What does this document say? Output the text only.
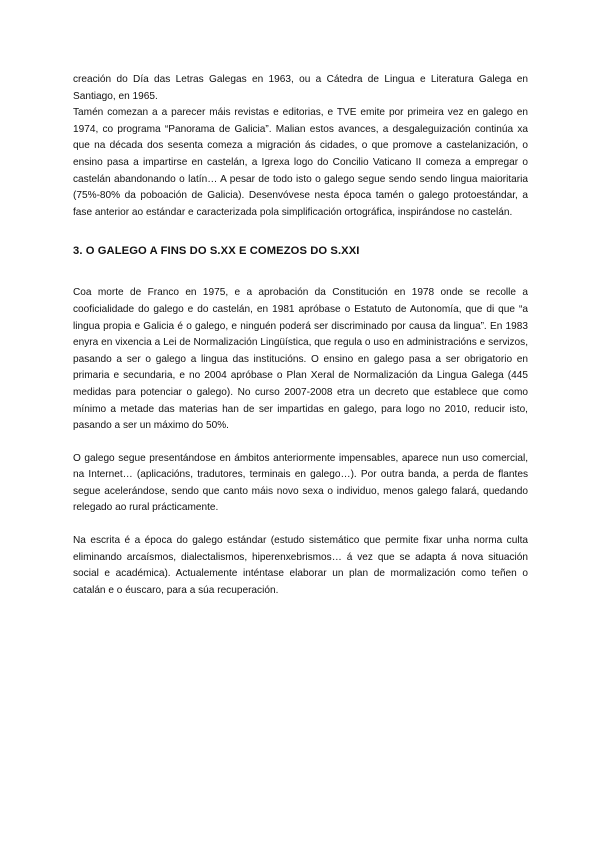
creación do Día das Letras Galegas en 1963, ou a Cátedra de Lingua e Literatura Galega en Santiago, en 1965.

Tamén comezan a a parecer máis revistas e editorias, e TVE emite por primeira vez en galego en 1974, co programa “Panorama de Galicia”. Malian estos avances, a desgaleguización continúa xa que na década dos sesenta comeza a migración ás cidades, o que promove a castelanización, o ensino pasa a impartirse en castelán, a Igrexa logo do Concilio Vaticano II comeza a empregar o castelán abandonando o latín… A pesar de todo isto o galego segue sendo sendo lingua maioritaria (75%-80% da poboación de Galicia). Desenvóvese nesta época tamén o galego protoestándar, a fase anterior ao estándar e caracterizada pola simplificación ortográfica, inspirándose no castelán.

3. O GALEGO A FINS DO S.XX E COMEZOS DO S.XXI

Coa morte de Franco en 1975, e a aprobación da Constitución en 1978 onde se recolle a cooficialidade do galego e do castelán, en 1981 apróbase o Estatuto de Autonomía, que di que “a lingua propia e Galicia é o galego, e ninguén poderá ser discriminado por causa da lingua”. En 1983 enyra en vixencia a Lei de Normalización Lingüística, que regula o uso en administracións e servizos, pasando a ser o galego a lingua das institucións. O ensino en galego pasa a ser obrigatorio en primaria e secundaria, e no 2004 apróbase o Plan Xeral de Normalización da Lingua Galega (445 medidas para potenciar o galego). No curso 2007-2008 etra un decreto que establece que como mínimo a metade das materias han de ser impartidas en galego, para logo no 2010, reducir isto, pasando a ser un máximo do 50%.

O galego segue presentándose en ámbitos anteriormente impensables, aparece nun uso comercial, na Internet… (aplicacións, tradutores, terminais en galego…). Por outra banda, a perda de flantes segue acelerándose, sendo que canto máis novo sexa o individuo, menos galego falará, quedando relegado ao rural prácticamente.

Na escrita é a época do galego estándar (estudo sistemático que permite fixar unha norma culta eliminando arcaísmos, dialectalismos, hiperenxebrismos… á vez que se adapta á nova situación social e académica). Actualemente inténtase elaborar un plan de mormalización como teñen o catalán e o éuscaro, para a súa recuperación.
